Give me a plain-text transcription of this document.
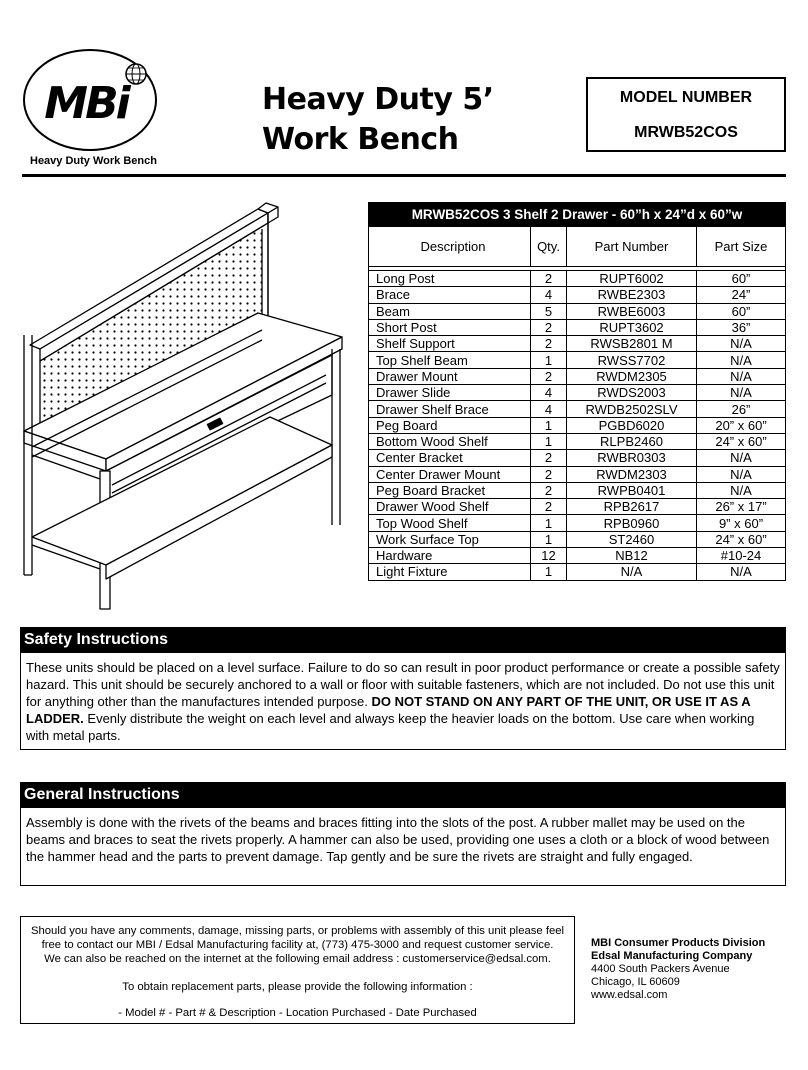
MBi
Heavy Duty Work Bench
Heavy Duty 5’
Work Bench
MODEL NUMBER
MRWB52COS
MRWB52COS 3 Shelf 2 Drawer - 60”h x 24”d x 60”w			
Description	Qty.	Part Number	Part Size

Long Post	2	RUPT6002	60”
Brace	4	RWBE2303	24”
Beam	5	RWBE6003	60”
Short Post	2	RUPT3602	36”
Shelf Support	2	RWSB2801 M	N/A
Top Shelf Beam	1	RWSS7702	N/A
Drawer Mount	2	RWDM2305	N/A
Drawer Slide	4	RWDS2003	N/A
Drawer Shelf Brace	4	RWDB2502SLV	26”
Peg Board	1	PGBD6020	20” x 60”
Bottom Wood Shelf	1	RLPB2460	24” x 60”
Center Bracket	2	RWBR0303	N/A
Center Drawer Mount	2	RWDM2303	N/A
Peg Board Bracket	2	RWPB0401	N/A
Drawer Wood Shelf	2	RPB2617	26” x 17”
Top Wood Shelf	1	RPB0960	9” x 60”
Work Surface Top	1	ST2460	24” x 60”
Hardware	12	NB12	#10-24
Light Fixture	1	N/A	N/A
Safety Instructions
These units should be placed on a level surface. Failure to do so can result in poor product performance or create a possible safety hazard. This unit should be securely anchored to a wall or floor with suitable fasteners, which are not included. Do not use this unit for anything other than the manufactures intended purpose. DO NOT STAND ON ANY PART OF THE UNIT, OR USE IT AS A LADDER. Evenly distribute the weight on each level and always keep the heavier loads on the bottom. Use care when working with metal parts.
General Instructions
Assembly is done with the rivets of the beams and braces fitting into the slots of the post. A rubber mallet may be used on the beams and braces to seat the rivets properly. A hammer can also be used, providing one uses a cloth or a block of wood between the hammer head and the parts to prevent damage. Tap gently and be sure the rivets are straight and fully engaged.

Should you have any comments, damage, missing parts, or problems with assembly of this unit please feel

free to contact our MBI / Edsal Manufacturing facility at, (773) 475-3000 and request customer service.

We can also be reached on the internet at the following email address : customerservice@edsal.com.

To obtain replacement parts, please provide the following information :

- Model # - Part # & Description - Location Purchased - Date Purchased

MBI Consumer Products Division
Edsal Manufacturing Company
4400 South Packers Avenue
Chicago, IL 60609
www.edsal.com
